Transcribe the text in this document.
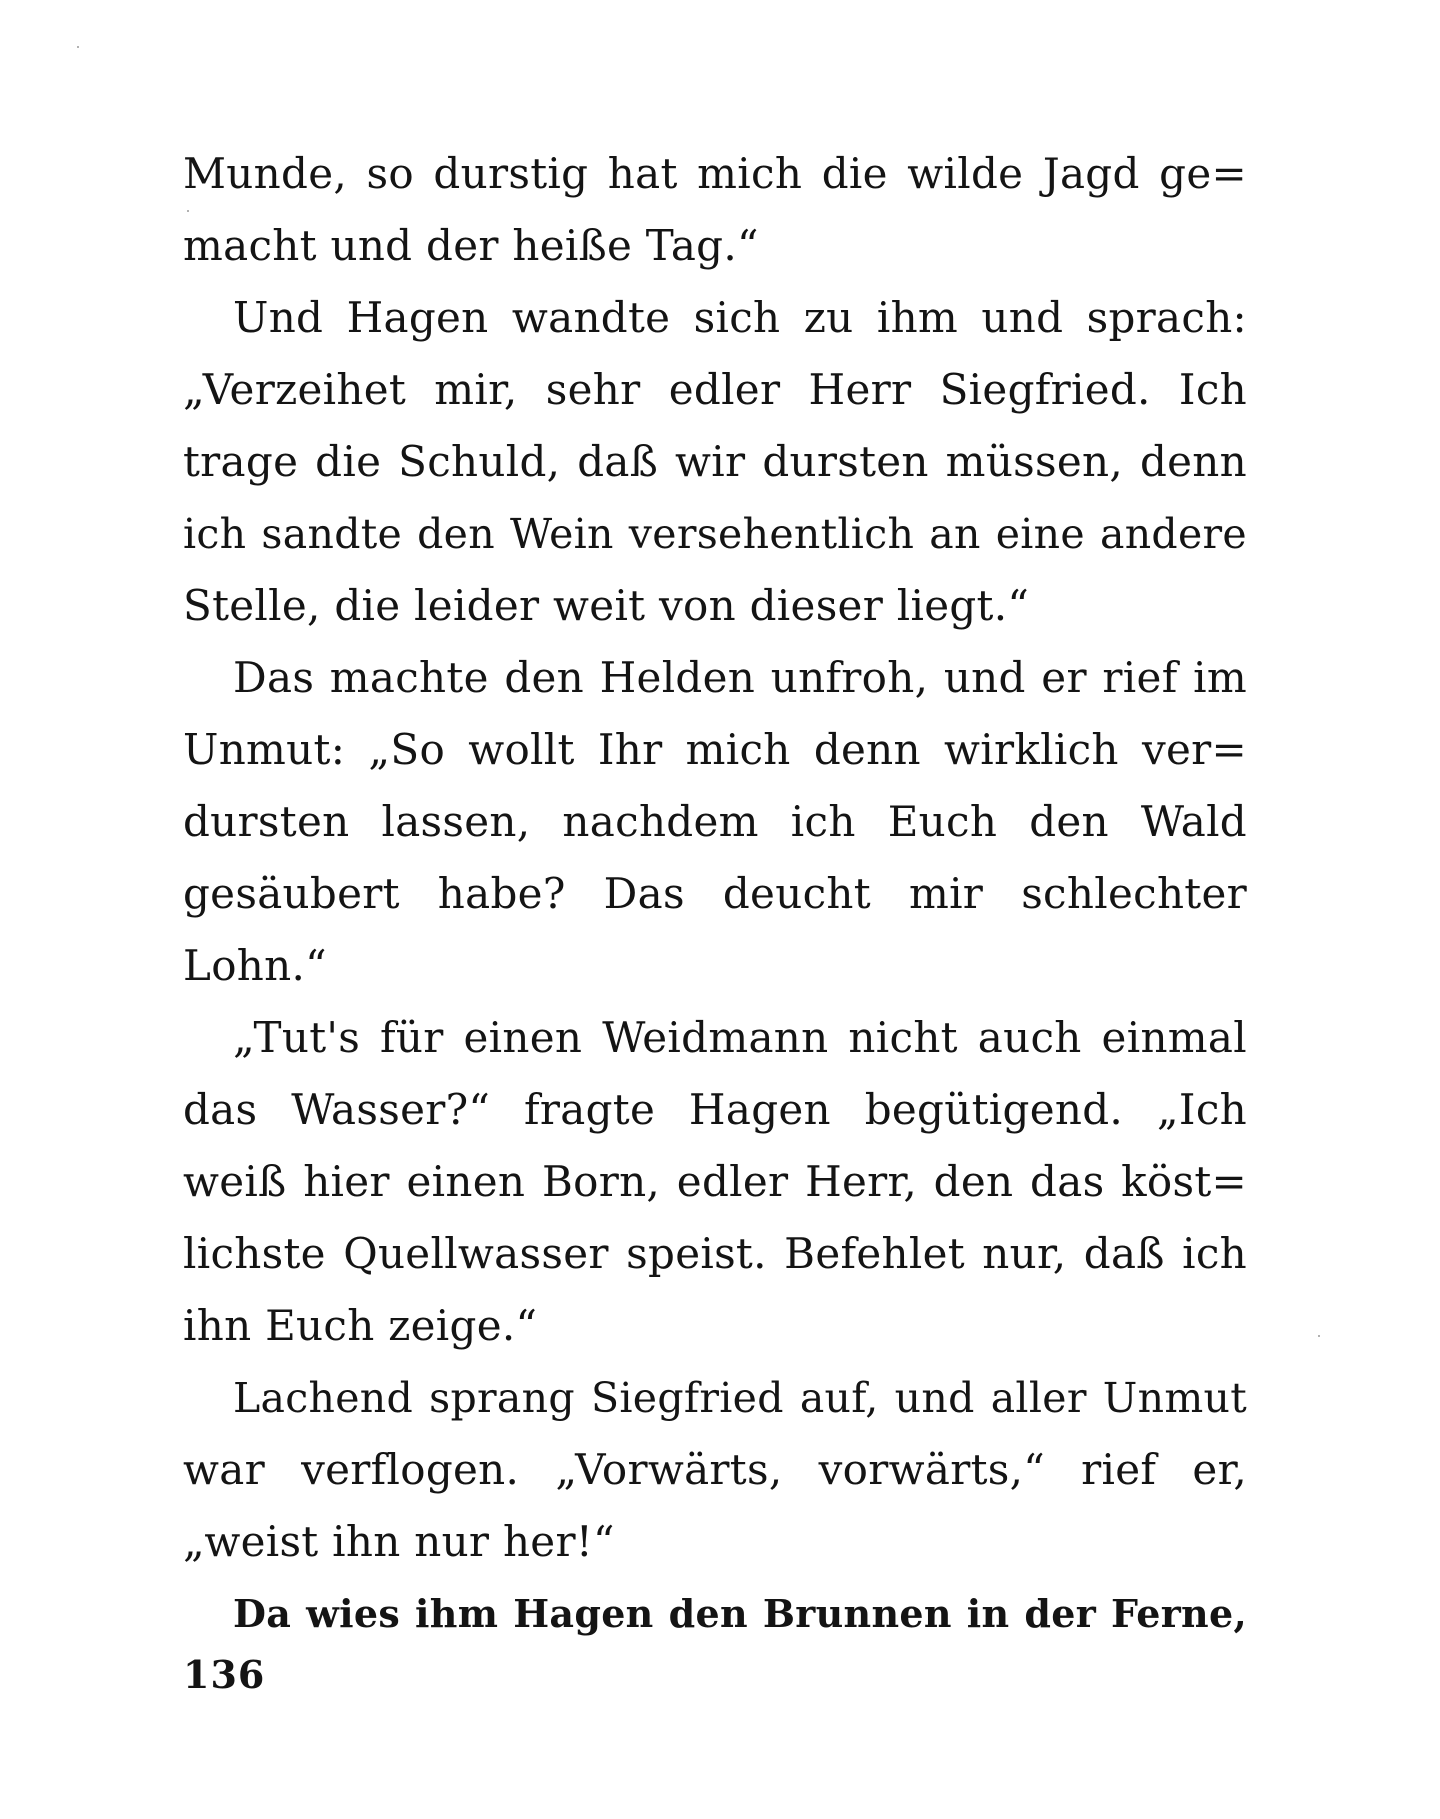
Munde, so durstig hat mich die wilde Jagd ge=
macht und der heiße Tag.“
Und Hagen wandte sich zu ihm und sprach:
„Verzeihet mir, sehr edler Herr Siegfried. Ich
trage die Schuld, daß wir dursten müssen, denn
ich sandte den Wein versehentlich an eine andere
Stelle, die leider weit von dieser liegt.“
Das machte den Helden unfroh, und er rief im
Unmut: „So wollt Ihr mich denn wirklich ver=
dursten lassen, nachdem ich Euch den Wald
gesäubert habe? Das deucht mir schlechter
Lohn.“
„Tut's für einen Weidmann nicht auch einmal
das Wasser?“ fragte Hagen begütigend. „Ich
weiß hier einen Born, edler Herr, den das köst=
lichste Quellwasser speist. Befehlet nur, daß ich
ihn Euch zeige.“
Lachend sprang Siegfried auf, und aller Unmut
war verflogen. „Vorwärts, vorwärts,“ rief er,
„weist ihn nur her!“
Da wies ihm Hagen den Brunnen in der Ferne,
136
